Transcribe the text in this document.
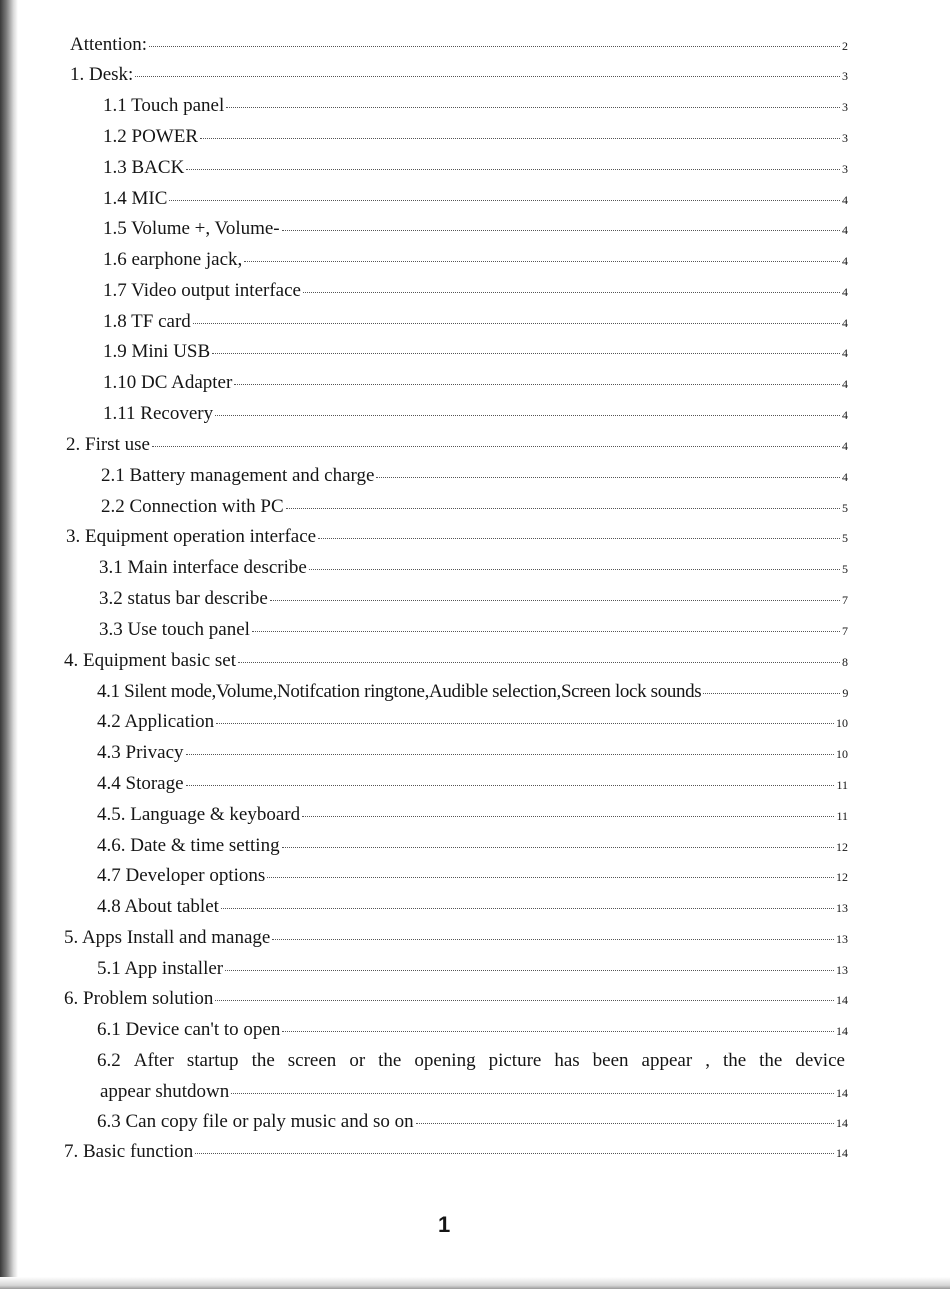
Attention:	2
1. Desk:	3
1.1 Touch panel	3
1.2 POWER	3
1.3 BACK	3
1.4 MIC	4
1.5 Volume +, Volume-	4
1.6 earphone jack,	4
1.7 Video output interface	4
1.8 TF card	4
1.9 Mini USB	4
1.10 DC Adapter	4
1.11 Recovery	4
2. First use	4
2.1 Battery management and charge	4
2.2 Connection with PC	5
3. Equipment operation interface	5
3.1 Main interface describe	5
3.2 status bar describe	7
3.3 Use touch panel	7
4. Equipment basic set	8
4.1 Silent mode,Volume,Notifcation ringtone,Audible selection,Screen lock sounds	9
4.2 Application	10
4.3 Privacy	10
4.4 Storage	11
4.5. Language & keyboard	11
4.6. Date & time setting	12
4.7 Developer options	12
4.8 About tablet	13
5. Apps Install and manage	13
5.1 App installer	13
6. Problem solution	14
6.1 Device can't to open	14
6.2 After startup the screen or the opening picture has been appear , the the device
appear shutdown	14
6.3 Can copy file or paly music and so on	14
7. Basic function	14
1
